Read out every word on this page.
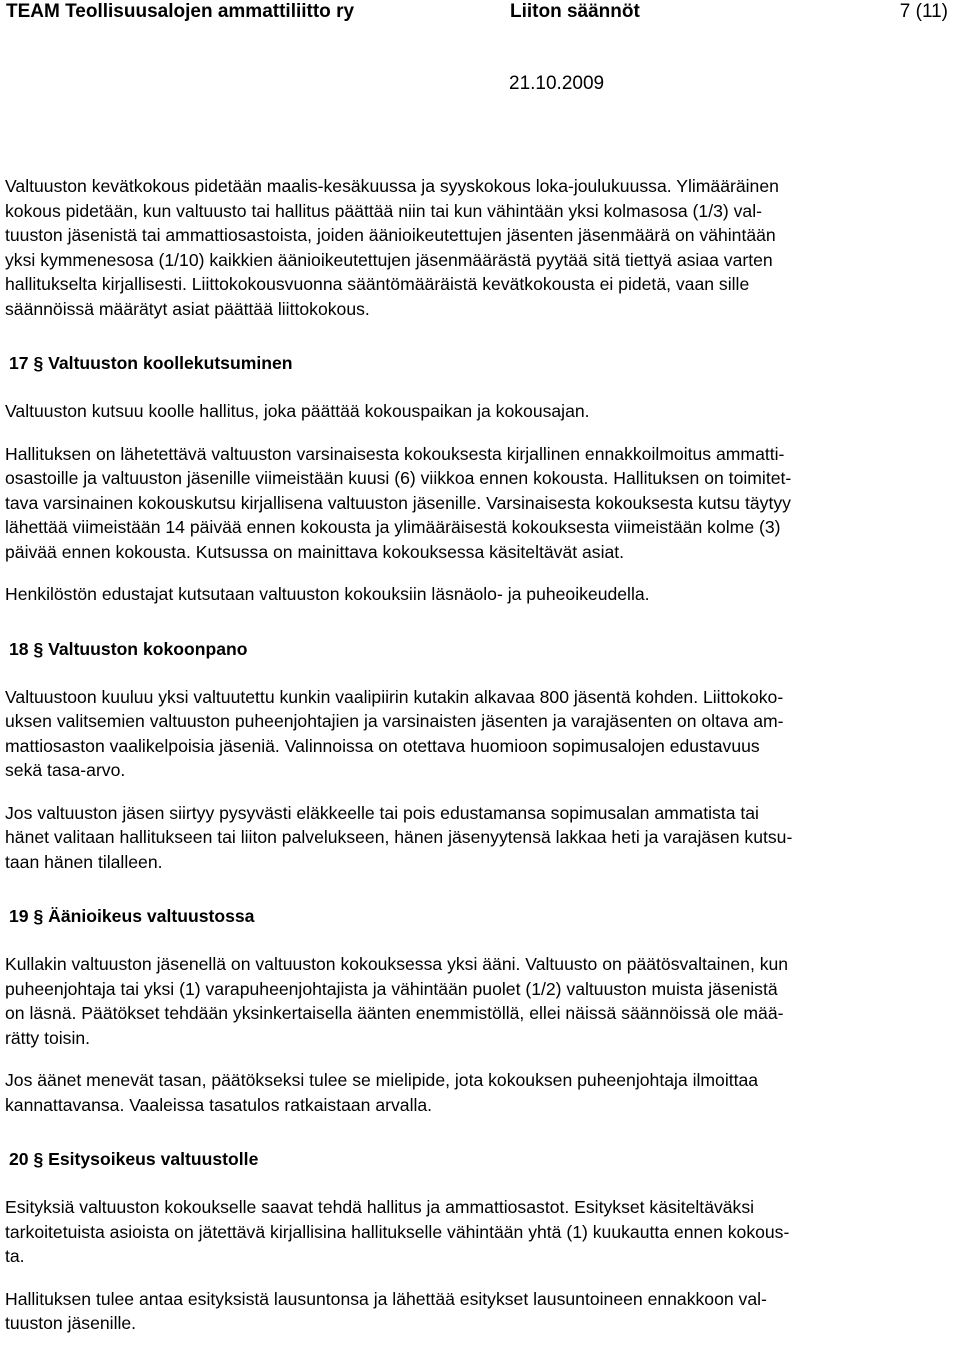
TEAM Teollisuusalojen ammattiliitto ry	Liiton säännöt	7 (11)
21.10.2009

Valtuuston kevätkokous pidetään maalis-kesäkuussa ja syyskokous loka-joulukuussa. Ylimääräinen
kokous pidetään, kun valtuusto tai hallitus päättää niin tai kun vähintään yksi kolmasosa (1/3) val-
tuuston jäsenistä tai ammattiosastoista, joiden äänioikeutettujen jäsenten jäsenmäärä on vähintään
yksi kymmenesosa (1/10) kaikkien äänioikeutettujen jäsenmäärästä pyytää sitä tiettyä asiaa varten
hallitukselta kirjallisesti. Liittokokousvuonna sääntömääräistä kevätkokousta ei pidetä, vaan sille
säännöissä määrätyt asiat päättää liittokokous.

17 § Valtuuston koollekutsuminen

Valtuuston kutsuu koolle hallitus, joka päättää kokouspaikan ja kokousajan.

Hallituksen on lähetettävä valtuuston varsinaisesta kokouksesta kirjallinen ennakkoilmoitus ammatti-
osastoille ja valtuuston jäsenille viimeistään kuusi (6) viikkoa ennen kokousta. Hallituksen on toimitet-
tava varsinainen kokouskutsu kirjallisena valtuuston jäsenille. Varsinaisesta kokouksesta kutsu täytyy
lähettää viimeistään 14 päivää ennen kokousta ja ylimääräisestä kokouksesta viimeistään kolme (3)
päivää ennen kokousta. Kutsussa on mainittava kokouksessa käsiteltävät asiat.

Henkilöstön edustajat kutsutaan valtuuston kokouksiin läsnäolo- ja puheoikeudella.

18 § Valtuuston kokoonpano

Valtuustoon kuuluu yksi valtuutettu kunkin vaalipiirin kutakin alkavaa 800 jäsentä kohden. Liittokoko-
uksen valitsemien valtuuston puheenjohtajien ja varsinaisten jäsenten ja varajäsenten on oltava am-
mattiosaston vaalikelpoisia jäseniä. Valinnoissa on otettava huomioon sopimusalojen edustavuus
sekä tasa-arvo.

Jos valtuuston jäsen siirtyy pysyvästi eläkkeelle tai pois edustamansa sopimusalan ammatista tai
hänet valitaan hallitukseen tai liiton palvelukseen, hänen jäsenyytensä lakkaa heti ja varajäsen kutsu-
taan hänen tilalleen.

19 § Äänioikeus valtuustossa

Kullakin valtuuston jäsenellä on valtuuston kokouksessa yksi ääni. Valtuusto on päätösvaltainen, kun
puheenjohtaja tai yksi (1) varapuheenjohtajista ja vähintään puolet (1/2) valtuuston muista jäsenistä
on läsnä. Päätökset tehdään yksinkertaisella äänten enemmistöllä, ellei näissä säännöissä ole mää-
rätty toisin.

Jos äänet menevät tasan, päätökseksi tulee se mielipide, jota kokouksen puheenjohtaja ilmoittaa
kannattavansa. Vaaleissa tasatulos ratkaistaan arvalla.

20 § Esitysoikeus valtuustolle

Esityksiä valtuuston kokoukselle saavat tehdä hallitus ja ammattiosastot. Esitykset käsiteltäväksi
tarkoitetuista asioista on jätettävä kirjallisina hallitukselle vähintään yhtä (1) kuukautta ennen kokous-
ta.

Hallituksen tulee antaa esityksistä lausuntonsa ja lähettää esitykset lausuntoineen ennakkoon val-
tuuston jäsenille.
